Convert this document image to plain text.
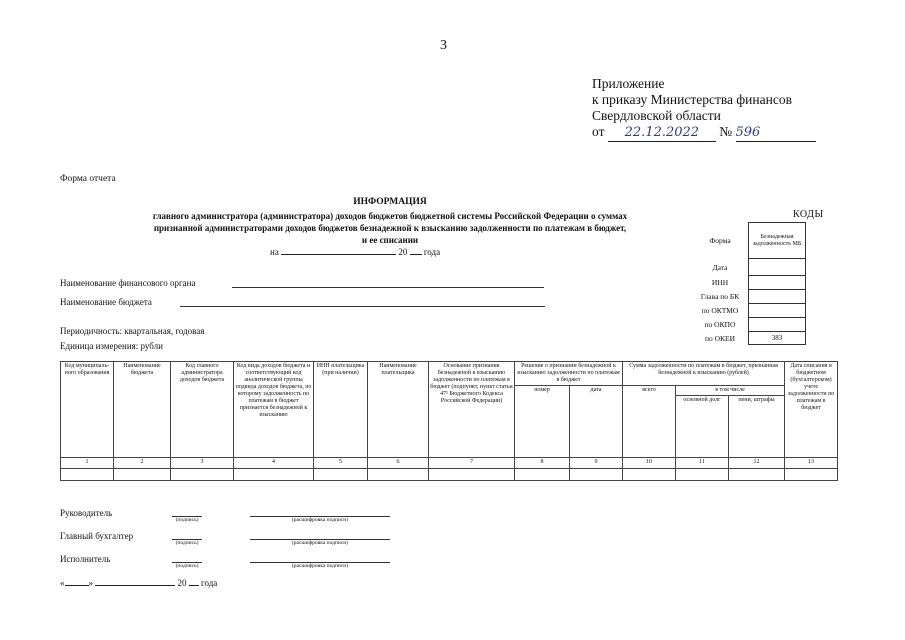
3
Приложение
к приказу Министерства финансов
Свердловской области
от 22.12.2022 № 596
Форма отчета
ИНФОРМАЦИЯ
главного администратора (администратора) доходов бюджетов бюджетной системы Российской Федерации о суммах
признанной администраторами доходов бюджетов безнадежной к взысканию задолженности по платежам в бюджет,
и ее списании
на	20 года
Наименование финансового органа
Наименование бюджета
Периодичность: квартальная, годовая
Единица измерения: рубли
КОДЫ
Форма	Безнадежная задолженность МБ
Дата	
ИНН	
Глава по БК	
по ОКТМО	
по ОКПО	
по ОКЕИ	383
Код муниципаль-ного образования	Наименование бюджета	Код главного администратора доходов бюджета	Код вида доходов бюджета и соответствующий код аналитической группы подвида доходов бюджета, по которому задолженность по платежам в бюджет признается безнадежной к взысканию	ИНН плательщика (при наличии)	Наименование плательщика	Основание признания безнадежной к взысканию задолженности по платежам в бюджет (подпункт, пункт статьи 47¹ Бюджетного Кодекса Российской Федерации)	Решение о признании безнадежной к взысканию задолженности по платежам в бюджет		Сумма задолженности по платежам в бюджет, признанная безнадежной к взысканию (рублей)			Дата списания в бюджетном (бухгалтерском) учете задолженности по платежам в бюджет
							номер	дата	всего	в том числе		
										основной долг	пени, штрафы	
1	2	3	4	5	6	7	8	9	10	11	12	13

Руководитель
(подпись)	(расшифровка подписи)
Главный бухгалтер
(подпись)	(расшифровка подписи)
Исполнитель
(подпись)	(расшифровка подписи)
«	»	20 года
